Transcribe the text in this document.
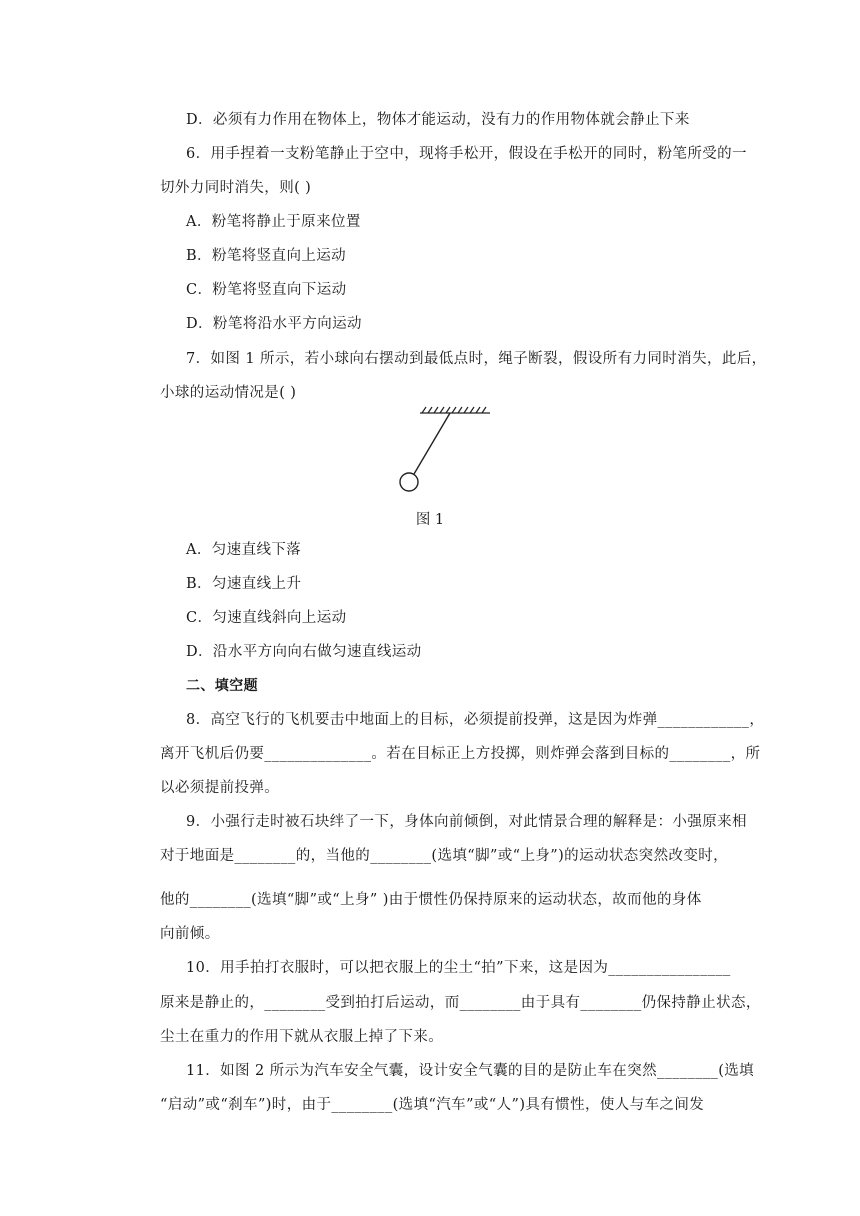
D．必须有力作用在物体上，物体才能运动，没有力的作用物体就会静止下来
6．用手捏着一支粉笔静止于空中，现将手松开，假设在手松开的同时，粉笔所受的一
切外力同时消失，则( )
A．粉笔将静止于原来位置
B．粉笔将竖直向上运动
C．粉笔将竖直向下运动
D．粉笔将沿水平方向运动
7．如图 1 所示，若小球向右摆动到最低点时，绳子断裂，假设所有力同时消失，此后，
小球的运动情况是( )
图 1
A．匀速直线下落
B．匀速直线上升
C．匀速直线斜向上运动
D．沿水平方向向右做匀速直线运动
二、填空题
8．高空飞行的飞机要击中地面上的目标，必须提前投弹，这是因为炸弹____________，
离开飞机后仍要______________。若在目标正上方投掷，则炸弹会落到目标的________，所
以必须提前投弹。
9．小强行走时被石块绊了一下，身体向前倾倒，对此情景合理的解释是：小强原来相
对于地面是________的，当他的________(选填“脚”或“上身”)的运动状态突然改变时，
他的________(选填“脚”或“上身” )由于惯性仍保持原来的运动状态，故而他的身体
向前倾。
10．用手拍打衣服时，可以把衣服上的尘土“拍”下来，这是因为________________
原来是静止的，________受到拍打后运动，而________由于具有________仍保持静止状态，
尘土在重力的作用下就从衣服上掉了下来。
11．如图 2 所示为汽车安全气囊，设计安全气囊的目的是防止车在突然________(选填
“启动”或“刹车”)时，由于________(选填“汽车”或“人”)具有惯性，使人与车之间发
